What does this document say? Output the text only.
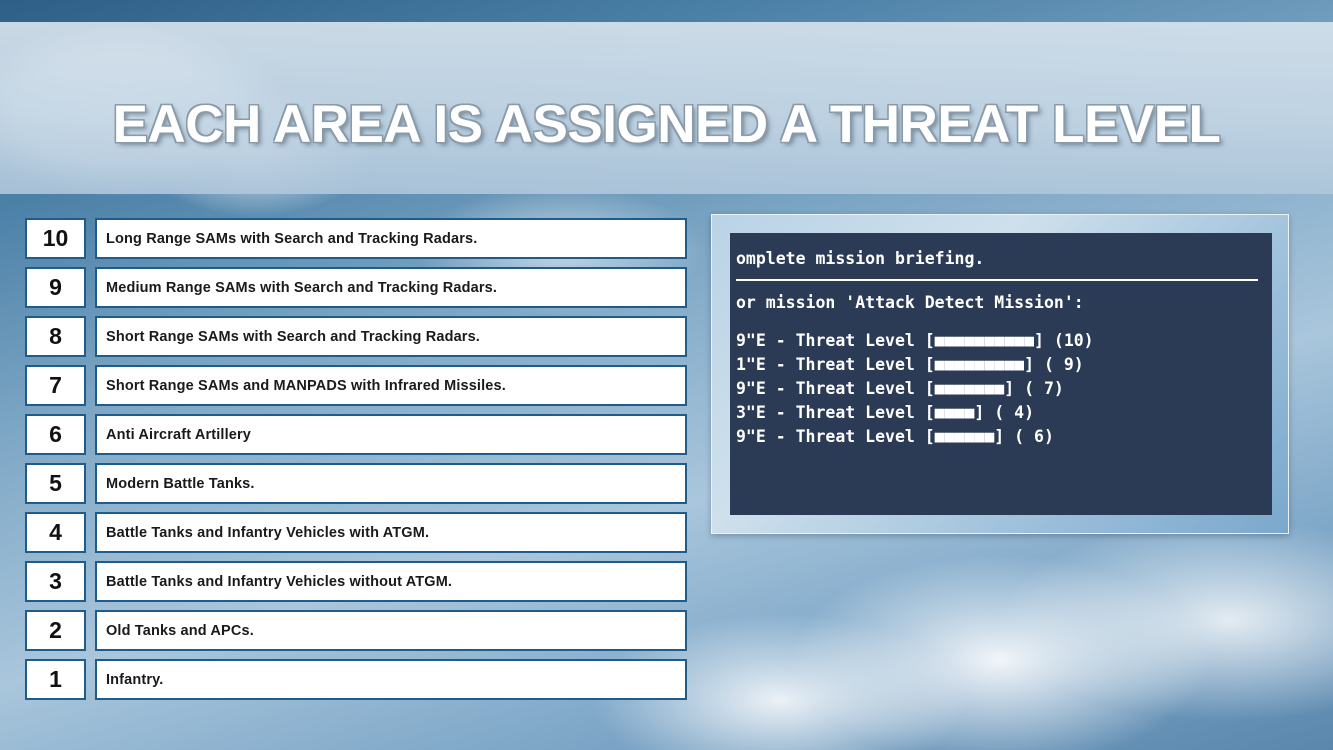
EACH AREA IS ASSIGNED A THREAT LEVEL
10	Long Range SAMs with Search and Tracking Radars.
9	Medium Range SAMs with Search and Tracking Radars.
8	Short Range SAMs with Search and Tracking Radars.
7	Short Range SAMs and MANPADS with Infrared Missiles.
6	Anti Aircraft Artillery
5	Modern Battle Tanks.
4	Battle Tanks and Infantry Vehicles with ATGM.
3	Battle Tanks and Infantry Vehicles without ATGM.
2	Old Tanks and APCs.
1	Infantry.
omplete mission briefing.
or mission 'Attack Detect Mission':
9"E - Threat Level [■■■■■■■■■■] (10)
1"E - Threat Level [■■■■■■■■■] ( 9)
9"E - Threat Level [■■■■■■■] ( 7)
3"E - Threat Level [■■■■] ( 4)
9"E - Threat Level [■■■■■■] ( 6)
